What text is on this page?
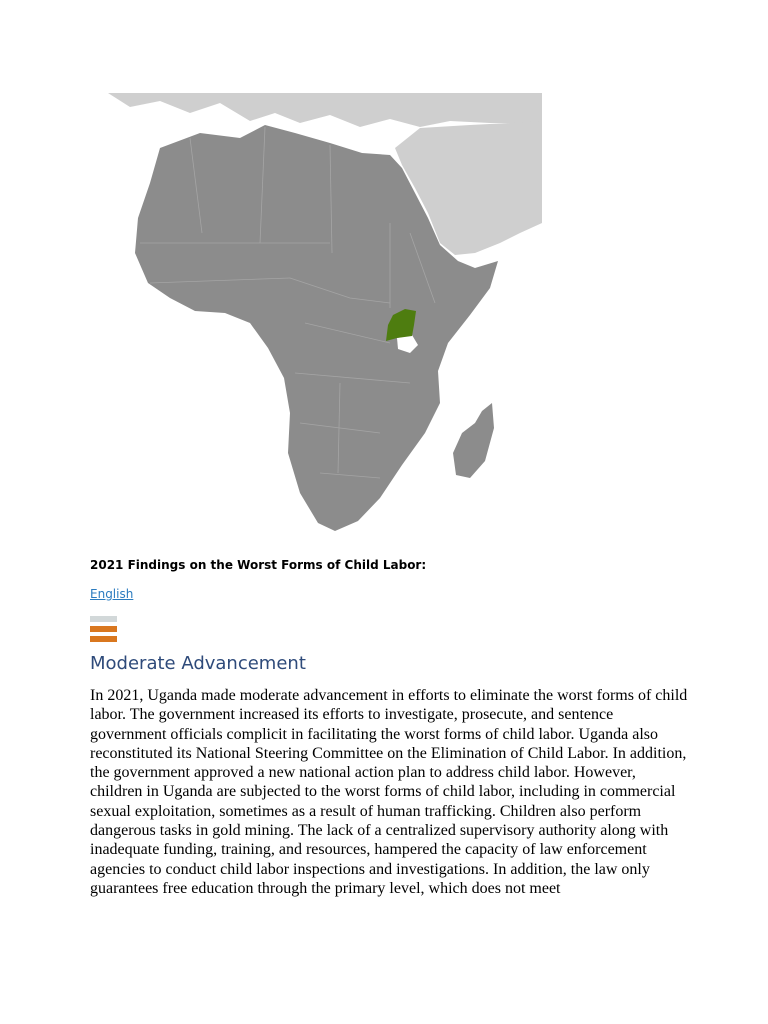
2021 Findings on the Worst Forms of Child Labor:
English
Moderate Advancement

In 2021, Uganda made moderate advancement in efforts to eliminate the worst forms of child labor. The government increased its efforts to investigate, prosecute, and sentence government officials complicit in facilitating the worst forms of child labor. Uganda also reconstituted its National Steering Committee on the Elimination of Child Labor. In addition, the government approved a new national action plan to address child labor. However, children in Uganda are subjected to the worst forms of child labor, including in commercial sexual exploitation, sometimes as a result of human trafficking. Children also perform dangerous tasks in gold mining. The lack of a centralized supervisory authority along with inadequate funding, training, and resources, hampered the capacity of law enforcement agencies to conduct child labor inspections and investigations. In addition, the law only guarantees free education through the primary level, which does not meet
